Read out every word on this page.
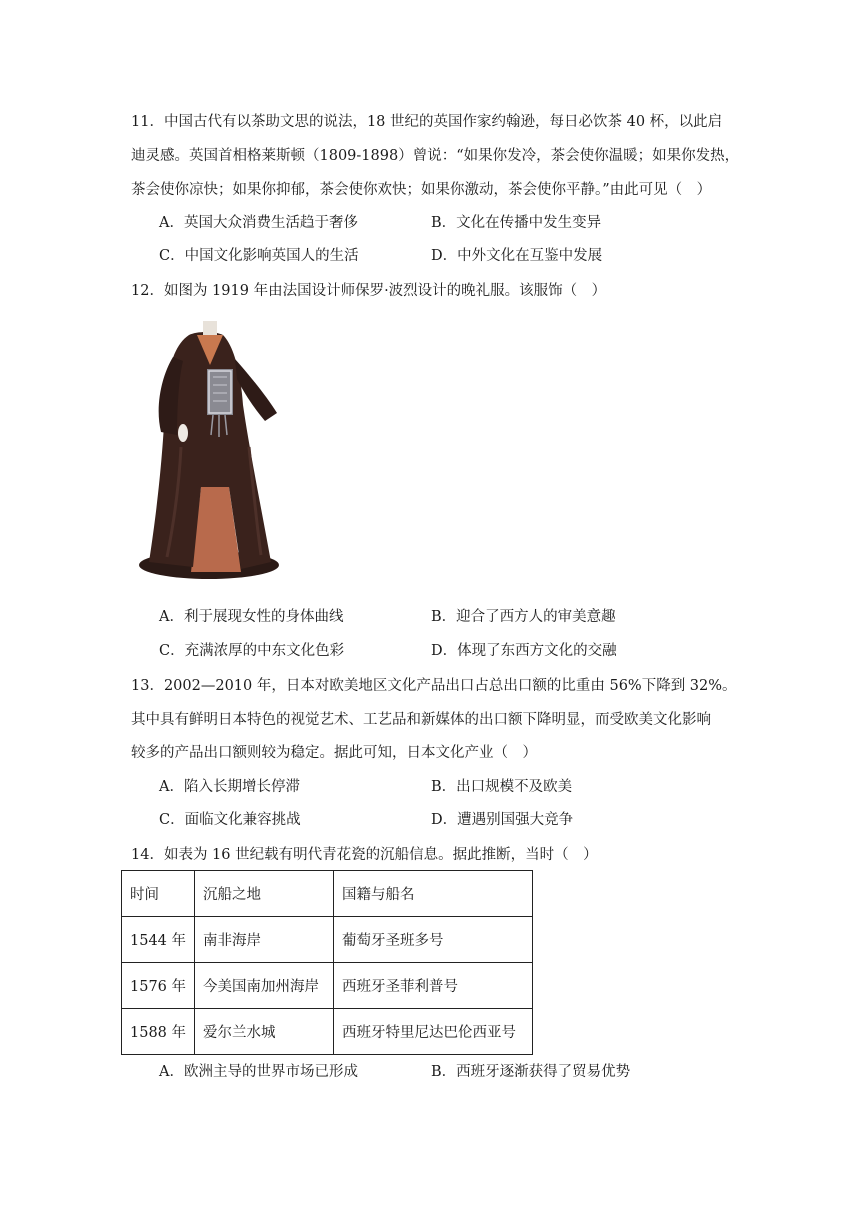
11．中国古代有以茶助文思的说法，18 世纪的英国作家约翰逊，每日必饮茶 40 杯，以此启
迪灵感。英国首相格莱斯顿（1809-1898）曾说：“如果你发冷，茶会使你温暖；如果你发热，
茶会使你凉快；如果你抑郁，茶会使你欢快；如果你激动，茶会使你平静。”由此可见（　）
A．英国大众消费生活趋于奢侈	B．文化在传播中发生变异
C．中国文化影响英国人的生活	D．中外文化在互鉴中发展
12．如图为 1919 年由法国设计师保罗·波烈设计的晚礼服。该服饰（　）
A．利于展现女性的身体曲线	B．迎合了西方人的审美意趣
C．充满浓厚的中东文化色彩	D．体现了东西方文化的交融
13．2002—2010 年，日本对欧美地区文化产品出口占总出口额的比重由 56%下降到 32%。
其中具有鲜明日本特色的视觉艺术、工艺品和新媒体的出口额下降明显，而受欧美文化影响
较多的产品出口额则较为稳定。据此可知，日本文化产业（　）
A．陷入长期增长停滞	B．出口规模不及欧美
C．面临文化兼容挑战	D．遭遇别国强大竞争
14．如表为 16 世纪载有明代青花瓷的沉船信息。据此推断，当时（　）
时间	沉船之地	国籍与船名
1544 年	南非海岸	葡萄牙圣班多号
1576 年	今美国南加州海岸	西班牙圣菲利普号
1588 年	爱尔兰水城	西班牙特里尼达巴伦西亚号
A．欧洲主导的世界市场已形成	B．西班牙逐渐获得了贸易优势
